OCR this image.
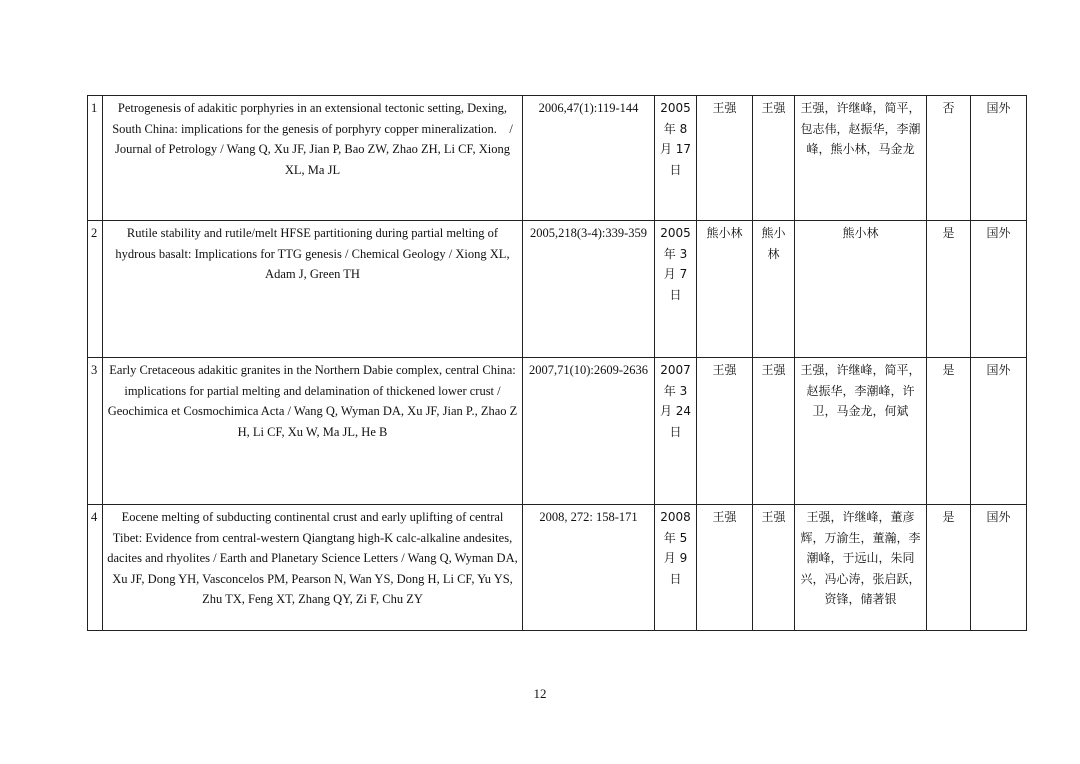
1	Petrogenesis of adakitic porphyries in an extensional tectonic setting, Dexing, South China: implications for the genesis of porphyry copper mineralization.　/ Journal of Petrology / Wang Q, Xu JF, Jian P, Bao ZW, Zhao ZH, Li CF, Xiong XL, Ma JL	2006,47(1):119-144	2005 年 8 月 17 日	王强	王强	王强，许继峰，简平，包志伟，赵振华，李潮峰，熊小林，马金龙	否	国外
2	Rutile stability and rutile/melt HFSE partitioning during partial melting of hydrous basalt: Implications for TTG genesis / Chemical Geology / Xiong XL, Adam J, Green TH	2005,218(3-4):339-359	2005 年 3 月 7 日	熊小林	熊小林	熊小林	是	国外
3	Early Cretaceous adakitic granites in the Northern Dabie complex, central China: implications for partial melting and delamination of thickened lower crust / Geochimica et Cosmochimica Acta / Wang Q, Wyman DA, Xu JF, Jian P., Zhao Z H, Li CF, Xu W, Ma JL, He B	2007,71(10):2609-2636	2007 年 3 月 24 日	王强	王强	王强，许继峰，简平，赵振华，李潮峰，许卫，马金龙，何斌	是	国外
4	Eocene melting of subducting continental crust and early uplifting of central Tibet: Evidence from central-western Qiangtang high-K calc-alkaline andesites, dacites and rhyolites / Earth and Planetary Science Letters / Wang Q, Wyman DA, Xu JF, Dong YH, Vasconcelos PM, Pearson N, Wan YS, Dong H, Li CF, Yu YS, Zhu TX, Feng XT, Zhang QY, Zi F, Chu ZY	2008, 272: 158-171	2008 年 5 月 9 日	王强	王强	王强，许继峰，董彦辉，万渝生，董瀚，李潮峰，于远山，朱同兴，冯心涛，张启跃，资锋，储著银	是	国外
12
